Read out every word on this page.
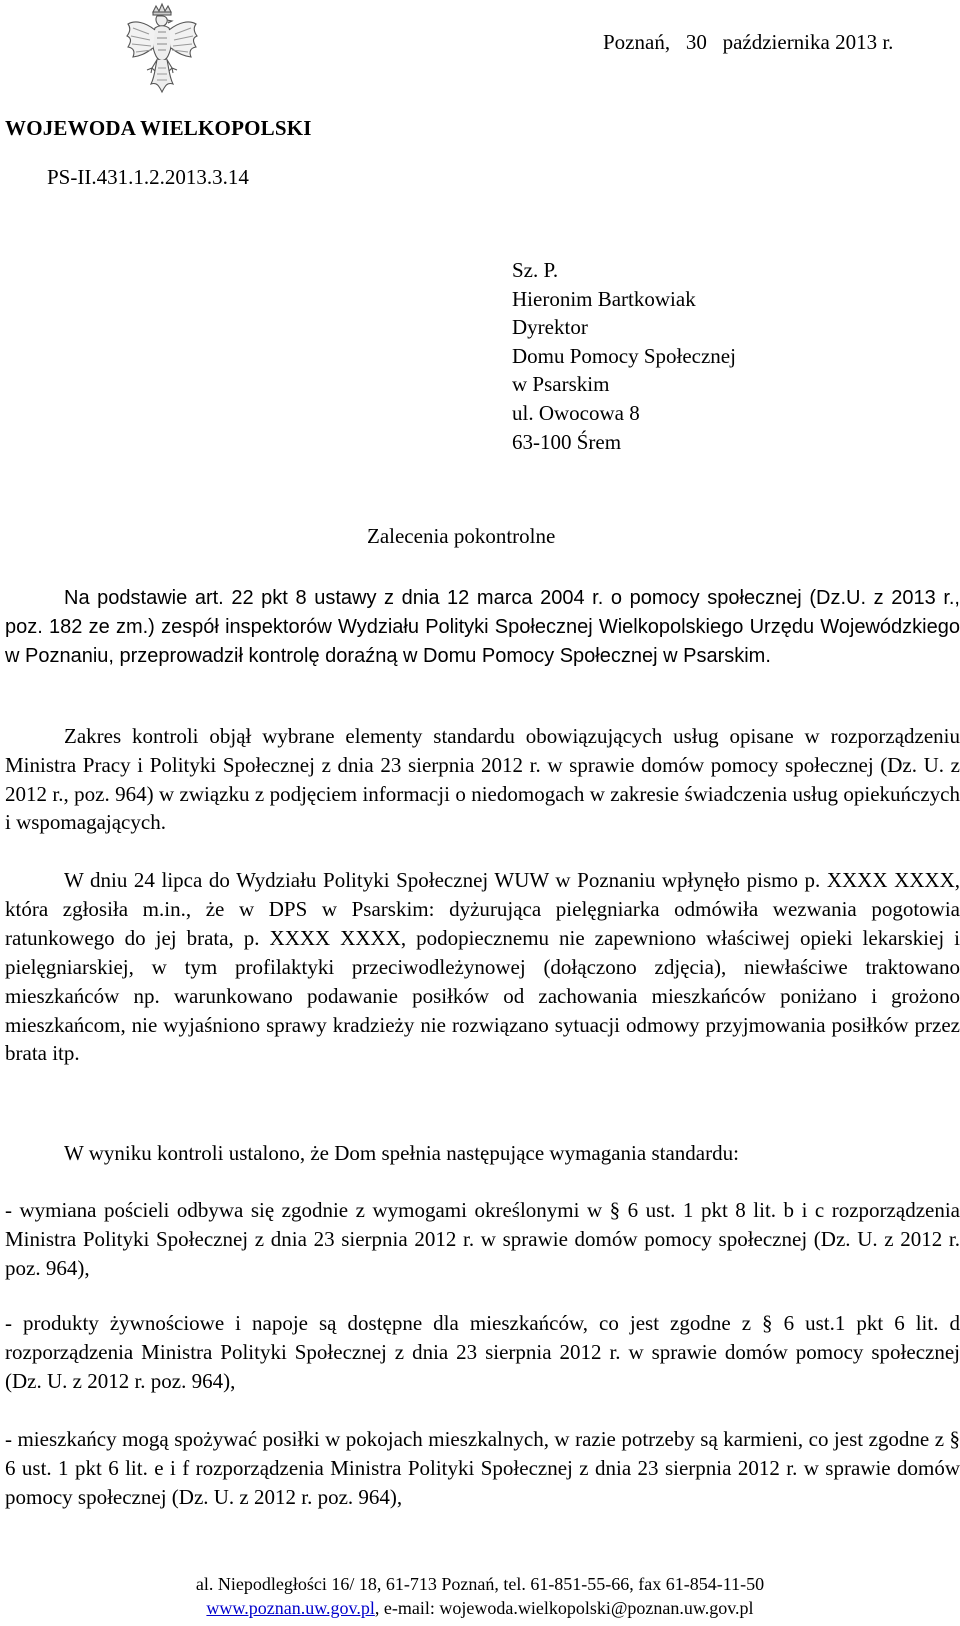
Poznań,   30   października 2013 r.
WOJEWODA WIELKOPOLSKI
PS-II.431.1.2.2013.3.14
Sz. P.
Hieronim Bartkowiak
Dyrektor
Domu Pomocy Społecznej
w Psarskim
ul. Owocowa 8
63-100 Śrem
Zalecenia pokontrolne

Na podstawie art. 22 pkt 8 ustawy z dnia 12 marca 2004 r. o pomocy społecznej (Dz.U. z 2013 r., poz. 182 ze zm.) zespół inspektorów Wydziału Polityki Społecznej Wielkopolskiego Urzędu Wojewódzkiego w Poznaniu, przeprowadził kontrolę doraźną w Domu Pomocy Społecznej w Psarskim.

Zakres kontroli objął wybrane elementy standardu obowiązujących usług opisane w rozporządzeniu Ministra Pracy i Polityki Społecznej z dnia 23 sierpnia 2012 r. w sprawie domów pomocy społecznej (Dz. U. z 2012 r., poz. 964) w związku z podjęciem informacji o niedomogach w zakresie świadczenia usług opiekuńczych i wspomagających.

W dniu 24 lipca do Wydziału Polityki Społecznej WUW w Poznaniu wpłynęło pismo p. XXXX XXXX, która zgłosiła m.in., że w DPS w Psarskim: dyżurująca pielęgniarka odmówiła wezwania pogotowia ratunkowego do jej brata, p. XXXX XXXX, podopiecznemu nie zapewniono właściwej opieki lekarskiej i pielęgniarskiej, w tym profilaktyki przeciwodleżynowej (dołączono zdjęcia), niewłaściwe traktowano mieszkańców np. warunkowano podawanie posiłków od zachowania mieszkańców poniżano i grożono mieszkańcom, nie wyjaśniono sprawy kradzieży nie rozwiązano sytuacji odmowy przyjmowania posiłków przez brata itp.

W wyniku kontroli ustalono, że Dom spełnia następujące wymagania standardu:

- wymiana pościeli odbywa się zgodnie z wymogami określonymi w § 6 ust. 1 pkt 8 lit. b i c rozporządzenia Ministra Polityki Społecznej z dnia 23 sierpnia 2012 r. w sprawie domów pomocy społecznej (Dz. U. z 2012 r. poz. 964),

- produkty żywnościowe i napoje są dostępne dla mieszkańców, co jest zgodne z § 6 ust.1 pkt 6 lit. d rozporządzenia Ministra Polityki Społecznej z dnia 23 sierpnia 2012 r. w sprawie domów pomocy społecznej (Dz. U. z 2012 r. poz. 964),

- mieszkańcy mogą spożywać posiłki w pokojach mieszkalnych, w razie potrzeby są karmieni, co jest zgodne z § 6 ust. 1 pkt 6 lit. e i f rozporządzenia Ministra Polityki Społecznej z dnia 23 sierpnia 2012 r. w sprawie domów pomocy społecznej (Dz. U. z 2012 r. poz. 964),

al. Niepodległości 16/ 18, 61-713 Poznań, tel. 61-851-55-66, fax 61-854-11-50
www.poznan.uw.gov.pl, e-mail: wojewoda.wielkopolski@poznan.uw.gov.pl
